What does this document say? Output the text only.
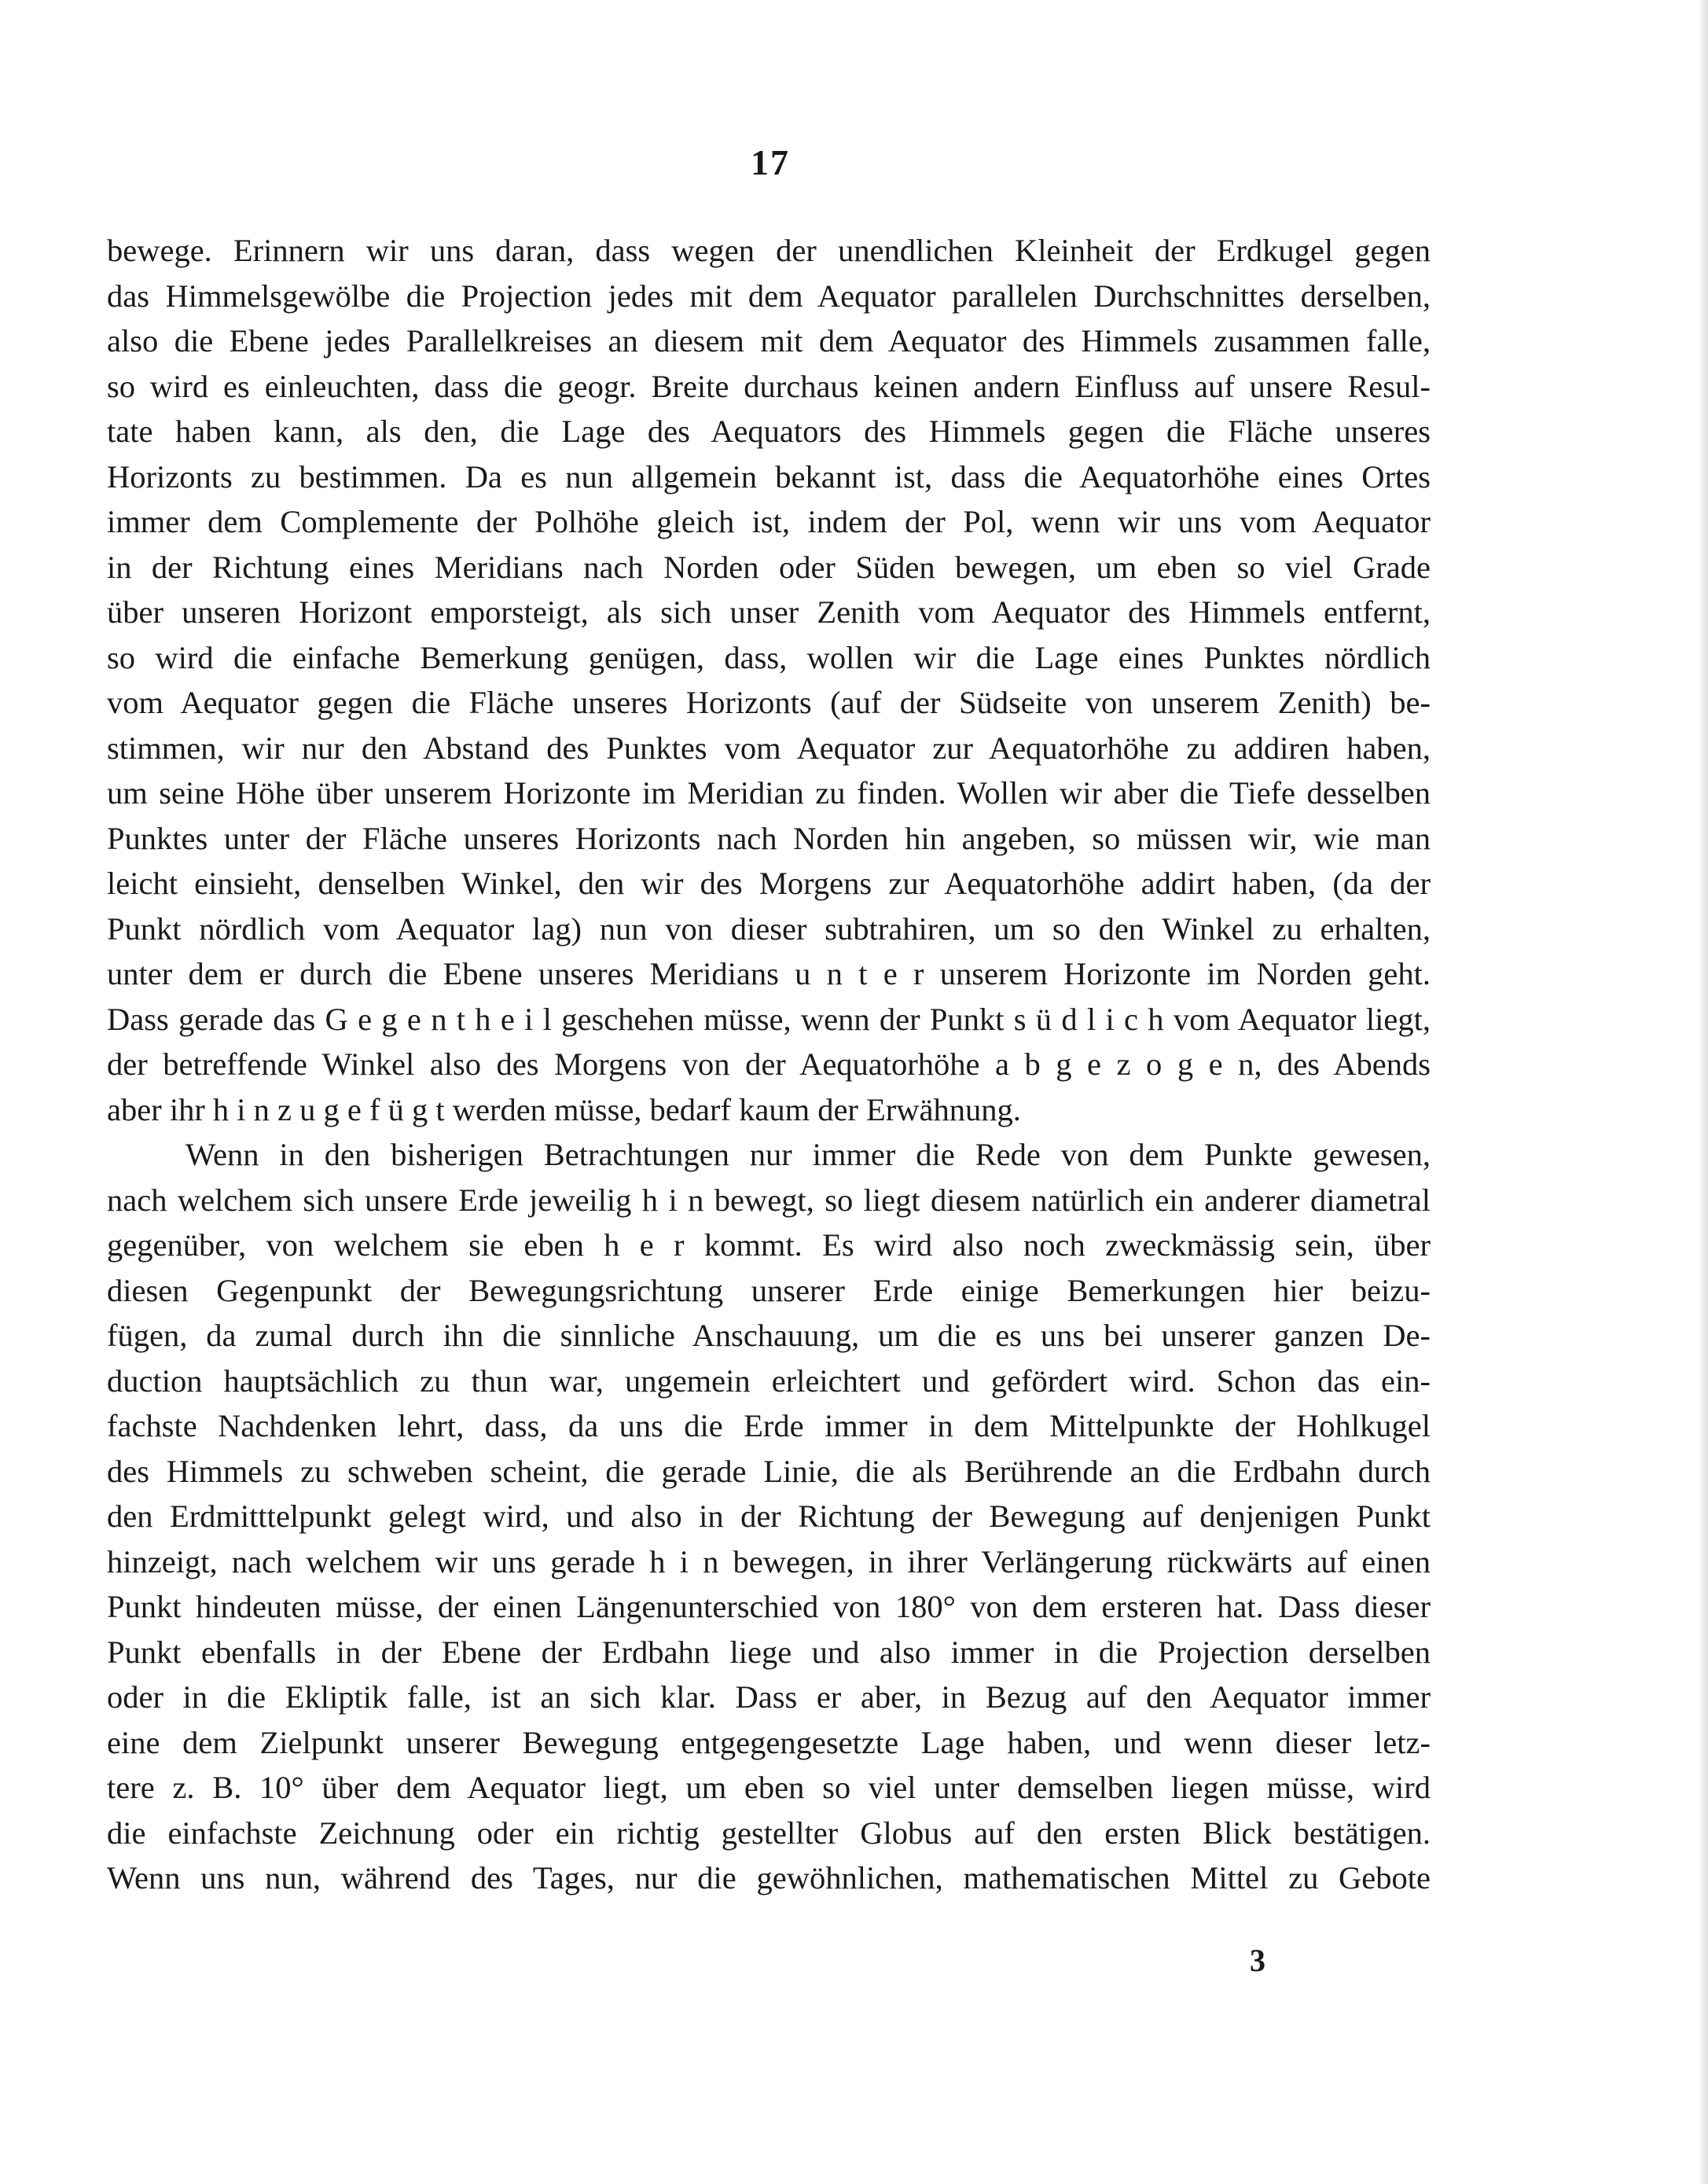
17
bewege. Erinnern wir uns daran, dass wegen der unendlichen Kleinheit der Erdkugel gegen
das Himmelsgewölbe die Projection jedes mit dem Aequator parallelen Durchschnittes derselben,
also die Ebene jedes Parallelkreises an diesem mit dem Aequator des Himmels zusammen falle,
so wird es einleuchten, dass die geogr. Breite durchaus keinen andern Einfluss auf unsere Resul-
tate haben kann, als den, die Lage des Aequators des Himmels gegen die Fläche unseres
Horizonts zu bestimmen. Da es nun allgemein bekannt ist, dass die Aequatorhöhe eines Ortes
immer dem Complemente der Polhöhe gleich ist, indem der Pol, wenn wir uns vom Aequator
in der Richtung eines Meridians nach Norden oder Süden bewegen, um eben so viel Grade
über unseren Horizont emporsteigt, als sich unser Zenith vom Aequator des Himmels entfernt,
so wird die einfache Bemerkung genügen, dass, wollen wir die Lage eines Punktes nördlich
vom Aequator gegen die Fläche unseres Horizonts (auf der Südseite von unserem Zenith) be-
stimmen, wir nur den Abstand des Punktes vom Aequator zur Aequatorhöhe zu addiren haben,
um seine Höhe über unserem Horizonte im Meridian zu finden. Wollen wir aber die Tiefe desselben
Punktes unter der Fläche unseres Horizonts nach Norden hin angeben, so müssen wir, wie man
leicht einsieht, denselben Winkel, den wir des Morgens zur Aequatorhöhe addirt haben, (da der
Punkt nördlich vom Aequator lag) nun von dieser subtrahiren, um so den Winkel zu erhalten,
unter dem er durch die Ebene unseres Meridians u n t e r unserem Horizonte im Norden geht.
Dass gerade das G e g e n t h e i l geschehen müsse, wenn der Punkt s ü d l i c h vom Aequator liegt,
der betreffende Winkel also des Morgens von der Aequatorhöhe a b g e z o g e n, des Abends
aber ihr h i n z u g e f ü g t werden müsse, bedarf kaum der Erwähnung.
Wenn in den bisherigen Betrachtungen nur immer die Rede von dem Punkte gewesen,
nach welchem sich unsere Erde jeweilig h i n bewegt, so liegt diesem natürlich ein anderer diametral
gegenüber, von welchem sie eben h e r kommt. Es wird also noch zweckmässig sein, über
diesen Gegenpunkt der Bewegungsrichtung unserer Erde einige Bemerkungen hier beizu-
fügen, da zumal durch ihn die sinnliche Anschauung, um die es uns bei unserer ganzen De-
duction hauptsächlich zu thun war, ungemein erleichtert und gefördert wird. Schon das ein-
fachste Nachdenken lehrt, dass, da uns die Erde immer in dem Mittelpunkte der Hohlkugel
des Himmels zu schweben scheint, die gerade Linie, die als Berührende an die Erdbahn durch
den Erdmitttelpunkt gelegt wird, und also in der Richtung der Bewegung auf denjenigen Punkt
hinzeigt, nach welchem wir uns gerade h i n bewegen, in ihrer Verlängerung rückwärts auf einen
Punkt hindeuten müsse, der einen Längenunterschied von 180° von dem ersteren hat. Dass dieser
Punkt ebenfalls in der Ebene der Erdbahn liege und also immer in die Projection derselben
oder in die Ekliptik falle, ist an sich klar. Dass er aber, in Bezug auf den Aequator immer
eine dem Zielpunkt unserer Bewegung entgegengesetzte Lage haben, und wenn dieser letz-
tere z. B. 10° über dem Aequator liegt, um eben so viel unter demselben liegen müsse, wird
die einfachste Zeichnung oder ein richtig gestellter Globus auf den ersten Blick bestätigen.
Wenn uns nun, während des Tages, nur die gewöhnlichen, mathematischen Mittel zu Gebote
3
